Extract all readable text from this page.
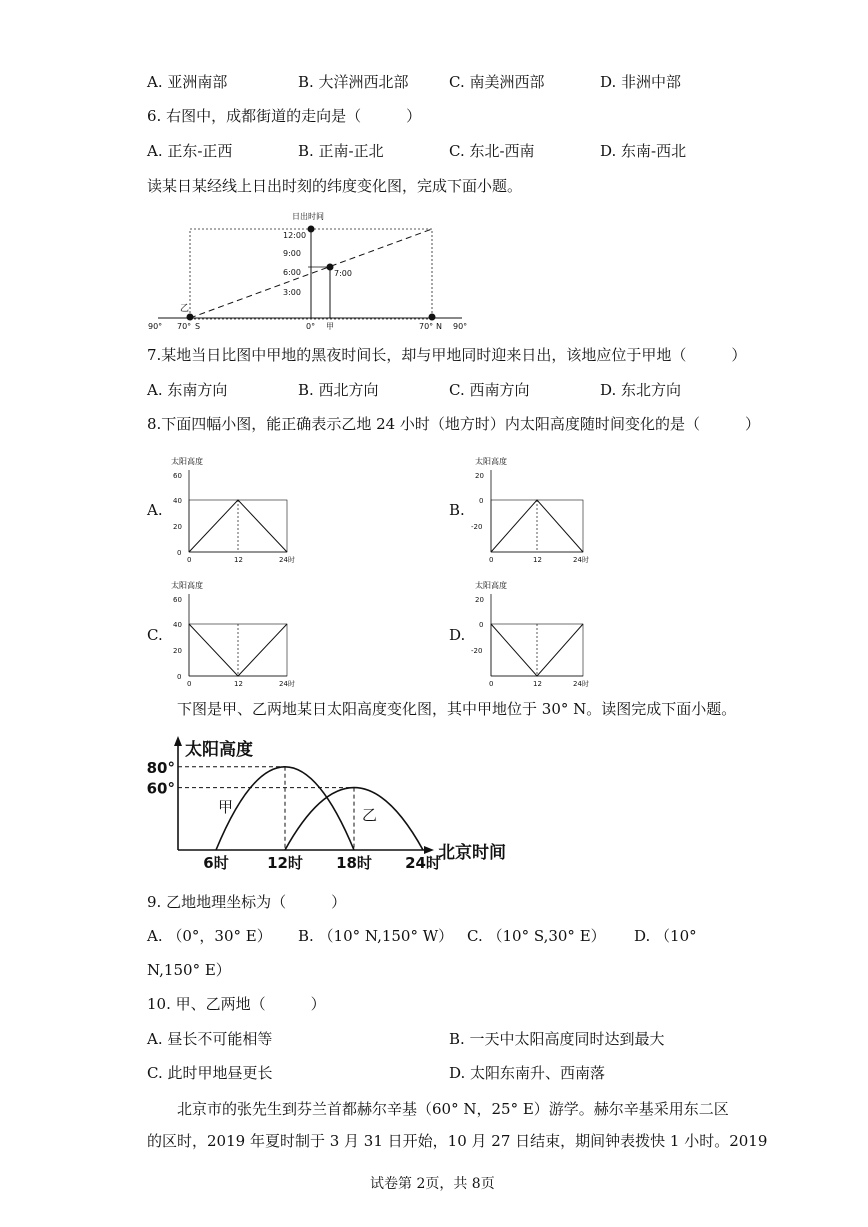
A. 亚洲南部	B. 大洋洲西北部	C. 南美洲西部	D. 非洲中部
6. 右图中，成都街道的走向是（　　　）
A. 正东-正西	B. 正南-正北	C. 东北-西南	D. 东南-西北
读某日某经线上日出时刻的纬度变化图，完成下面小题。
日出时间
12:00
9:00
6:00
3:00
7:00
乙
90° 70° S	0° 甲	70° N 90°
7.某地当日比图中甲地的黑夜时间长，却与甲地同时迎来日出，该地应位于甲地（　　　）
A. 东南方向	B. 西北方向	C. 西南方向	D. 东北方向
8.下面四幅小图，能正确表示乙地 24 小时（地方时）内太阳高度随时间变化的是（　　　）
A.
太阳高度
60
40
20
0
0	12	24时
B.
太阳高度
20
0
-20
0	12	24时
C.
太阳高度
60
40
20
0
0	12	24时
D.
太阳高度
20
0
-20
0	12	24时
下图是甲、乙两地某日太阳高度变化图，其中甲地位于 30° N。读图完成下面小题。
太阳高度
北京时间
甲	乙
80°
60°
6时	12时 18时 24时
9. 乙地地理坐标为（　　　）
A. （0°，30° E） B. （10° N,150° W） C. （10° S,30° E） D. （10°
N,150° E）
10. 甲、乙两地（　　　）
A. 昼长不可能相等	B. 一天中太阳高度同时达到最大
C. 此时甲地昼更长	D. 太阳东南升、西南落
北京市的张先生到芬兰首都赫尔辛基（60° N，25° E）游学。赫尔辛基采用东二区
的区时，2019 年夏时制于 3 月 31 日开始，10 月 27 日结束，期间钟表拨快 1 小时。2019
试卷第 2页，共 8页
